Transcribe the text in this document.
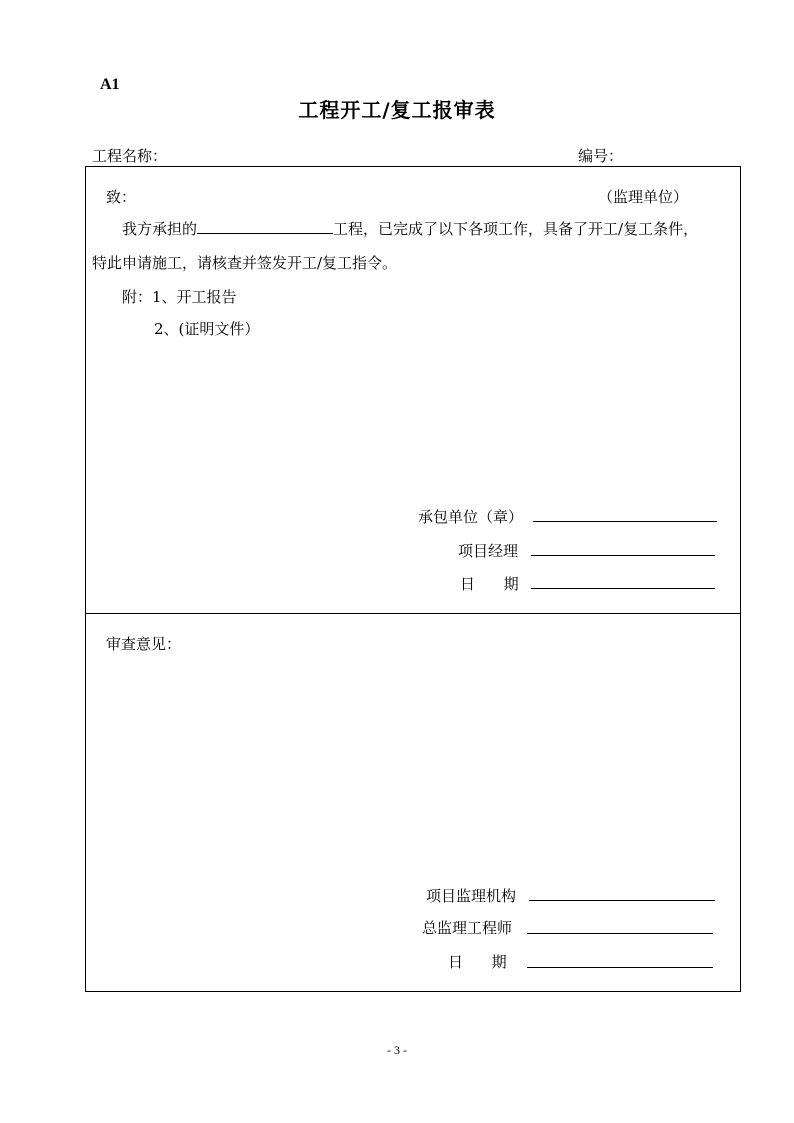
A1
工程开工/复工报审表
工程名称：	编号：
致：	（监理单位）
我方承担的	工程，已完成了以下各项工作，具备了开工/复工条件，
特此申请施工，请核查并签发开工/复工指令。
附：1、开工报告
2、(证明文件）
承包单位（章）
项目经理
日      期
审查意见：
项目监理机构
总监理工程师
日      期
- 3 -
